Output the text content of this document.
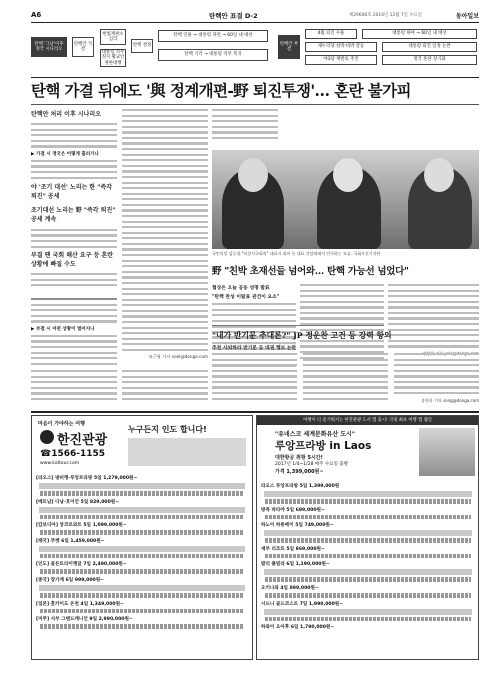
A6	탄핵안 표결 D-2	제29648호 2016년 12월 7일 수요일	동아일보
탄핵 '그날'이후 정국 시나리오
탄핵안 가결
헌법재판소 심리
대통령 직무정지 황교안 권한대행
탄핵 결정
탄핵 인용 → 대통령 파면 → 60일 내 대선
탄핵 기각 → 대통령 직무 복귀
탄핵안 부결
4월 퇴진 수용	대통령 하야 → 60일 내 대선
새누리당 친박·비박 갈등	대통령 퇴진 일정 논란
야3당 재발의 추진	정국 혼란 장기화
탄핵 가결 뒤에도 '與 정계개편-野 퇴진투쟁'… 혼란 불가피
탄핵안 처리 이후 시나리오
▶ 가결 시 정국은 어떻게 흘러가나
야 '조기 대선' 노리는 한 "즉각 퇴진" 공세
조기대선 노리는 野 "즉각 퇴진" 공세 계속
부결 땐 국회 해산 요구 등 혼란 상황에 빠질 수도
▶ 부결 시 어떤 상황이 벌어지나
유근형 기자 noel@donga.com
국민의당 김동철·"비상시국회의" 대표자 회의 등 대표 간담회에서 인사하는 모습. 국회사진기자단
野 "친박 초재선들 넘어와… 탄핵 가능선 넘었다"
협상은 오늘 공동 성명 발표
"탄핵 찬성 이탈표 관건이 요소"
"내가 반기문 추대론?" JP 정운찬 고건 등 강력 항의
추천 사퇴하라 반기문 등 대권 행보 논란
송찬욱 기자 song@donga.com
마음이 가야하는 여행
한진관광
☎1566-1155
www.kaltour.com
누구든지 인도 합니다!
[라오스] 방비엥·루앙프라방 5일 1,279,000원~
[베트남] 다낭·호이안 5일 829,000원~
[캄보디아] 앙코르와트 5일 1,099,000원~
[태국] 푸켓 6일 1,459,000원~
[인도] 골든트라이앵글 7일 2,490,000원~
[중국] 장가계 6일 999,000원~
[일본] 홋카이도 온천 4일 1,349,000원~
[미주] 서부 그랜드캐니언 9일 2,990,000원~
여행이 더 즐거워지는 한진관광 도서 앱 출시! 국내 최초 여행 앱 웹진
"유네스코 세계문화유산 도시"
루앙프라방 in Laos
대한항공 취항 5시간!
2017년 1/4~1/28 매주 수요일 출발
가격 1,399,000원~
라오스 루앙프라방 5일 1,399,000원
방콕 파타야 5일 699,000원~
하노이 하롱베이 5일 749,000원~
세부 리조트 5일 869,000원~
발리 풀빌라 6일 1,190,000원~
오키나와 4일 899,000원~
시드니 골드코스트 7일 1,990,000원~
하와이 오아후 6일 1,790,000원~
